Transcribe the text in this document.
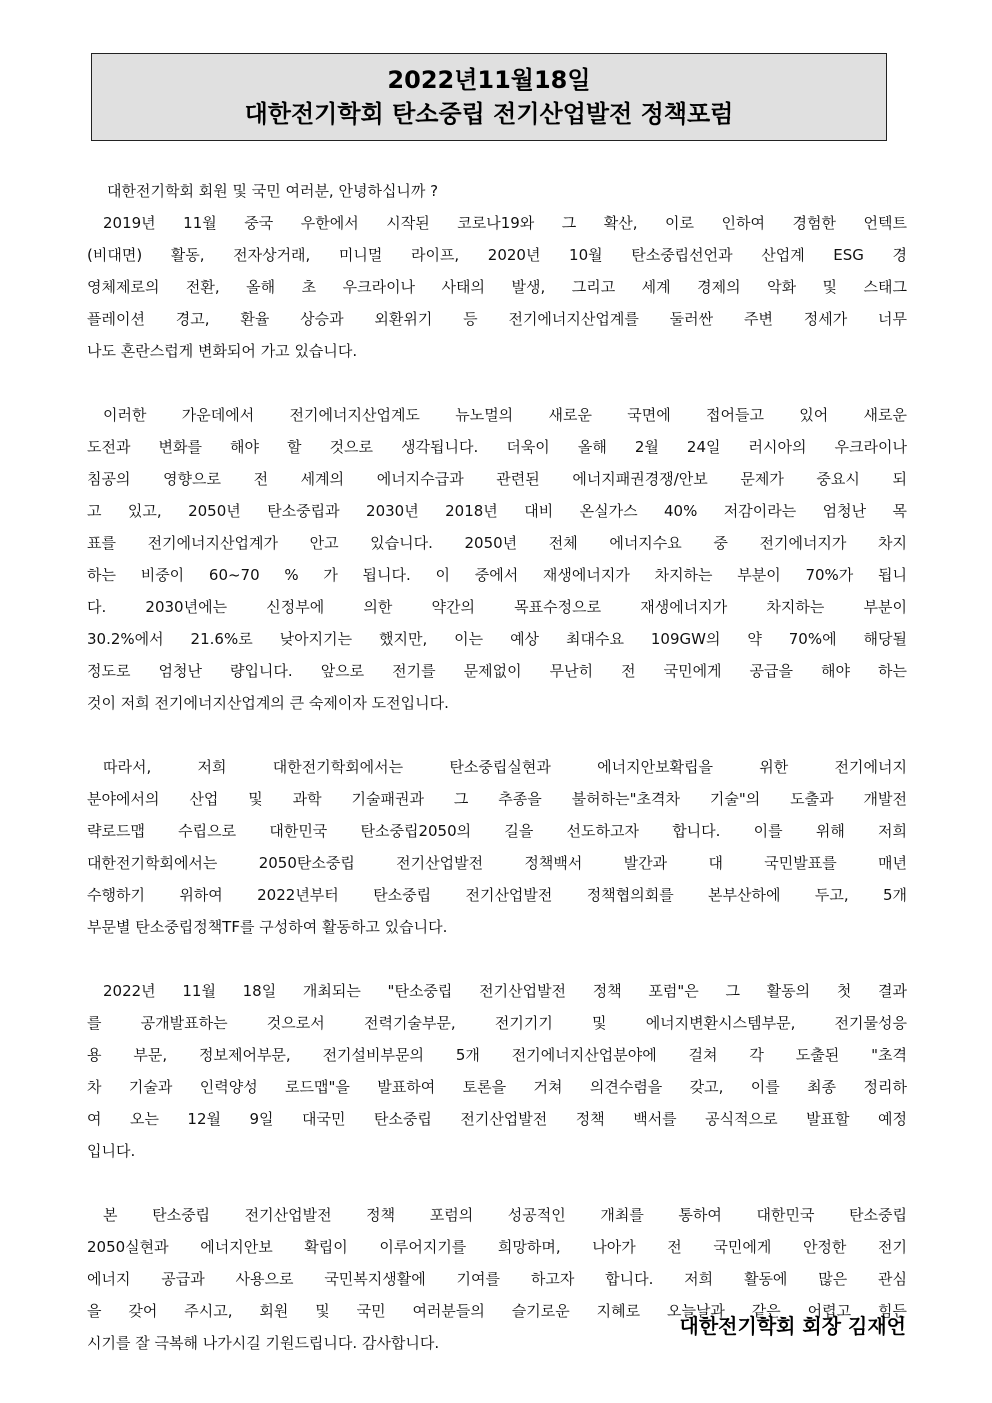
2022년11월18일
대한전기학회 탄소중립 전기산업발전 정책포럼

대한전기학회 회원 및 국민 여러분, 안녕하십니까 ?

2019년 11월 중국 우한에서 시작된 코로나19와 그 확산, 이로 인하여 경험한 언텍트
(비대면) 활동, 전자상거래, 미니멀 라이프, 2020년 10월 탄소중립선언과 산업계 ESG 경
영체제로의 전환, 올해 초 우크라이나 사태의 발생, 그리고 세계 경제의 악화 및 스태그
플레이션 경고, 환율 상승과 외환위기 등 전기에너지산업계를 둘러싼 주변 정세가 너무
나도 혼란스럽게 변화되어 가고 있습니다.

이러한 가운데에서 전기에너지산업계도 뉴노멀의 새로운 국면에 접어들고 있어 새로운
도전과 변화를 해야 할 것으로 생각됩니다. 더욱이 올해 2월 24일 러시아의 우크라이나
침공의 영향으로 전 세계의 에너지수급과 관련된 에너지패권경쟁/안보 문제가 중요시 되
고 있고, 2050년 탄소중립과 2030년 2018년 대비 온실가스 40% 저감이라는 엄청난 목
표를 전기에너지산업계가 안고 있습니다. 2050년 전체 에너지수요 중 전기에너지가 차지
하는 비중이 60~70 % 가 됩니다. 이 중에서 재생에너지가 차지하는 부분이 70%가 됩니
다. 2030년에는 신정부에 의한 약간의 목표수정으로 재생에너지가 차지하는 부분이
30.2%에서 21.6%로 낮아지기는 했지만, 이는 예상 최대수요 109GW의 약 70%에 해당될
정도로 엄청난 량입니다. 앞으로 전기를 문제없이 무난히 전 국민에게 공급을 해야 하는
것이 저희 전기에너지산업계의 큰 숙제이자 도전입니다.

따라서, 저희 대한전기학회에서는 탄소중립실현과 에너지안보확립을 위한 전기에너지
분야에서의 산업 및 과학 기술패권과 그 추종을 불허하는"초격차 기술"의 도출과 개발전
략로드맵 수립으로 대한민국 탄소중립2050의 길을 선도하고자 합니다. 이를 위해 저희
대한전기학회에서는 2050탄소중립 전기산업발전 정책백서 발간과 대 국민발표를 매년
수행하기 위하여 2022년부터 탄소중립 전기산업발전 정책협의회를 본부산하에 두고, 5개
부문별 탄소중립정책TF를 구성하여 활동하고 있습니다.

2022년 11월 18일 개최되는 "탄소중립 전기산업발전 정책 포럼"은 그 활동의 첫 결과
를 공개발표하는 것으로서 전력기술부문, 전기기기 및 에너지변환시스템부문, 전기물성응
용 부문, 정보제어부문, 전기설비부문의 5개 전기에너지산업분야에 걸쳐 각 도출된 "초격
차 기술과 인력양성 로드맵"을 발표하여 토론을 거쳐 의견수렴을 갖고, 이를 최종 정리하
여 오는 12월 9일 대국민 탄소중립 전기산업발전 정책 백서를 공식적으로 발표할 예정
입니다.

본 탄소중립 전기산업발전 정책 포럼의 성공적인 개최를 통하여 대한민국 탄소중립
2050실현과 에너지안보 확립이 이루어지기를 희망하며, 나아가 전 국민에게 안정한 전기
에너지 공급과 사용으로 국민복지생활에 기여를 하고자 합니다. 저희 활동에 많은 관심
을 갖어 주시고, 회원 및 국민 여러분들의 슬기로운 지혜로 오늘날과 같은 어렵고 힘든
시기를 잘 극복해 나가시길 기원드립니다. 감사합니다.

대한전기학회 회장 김재언
